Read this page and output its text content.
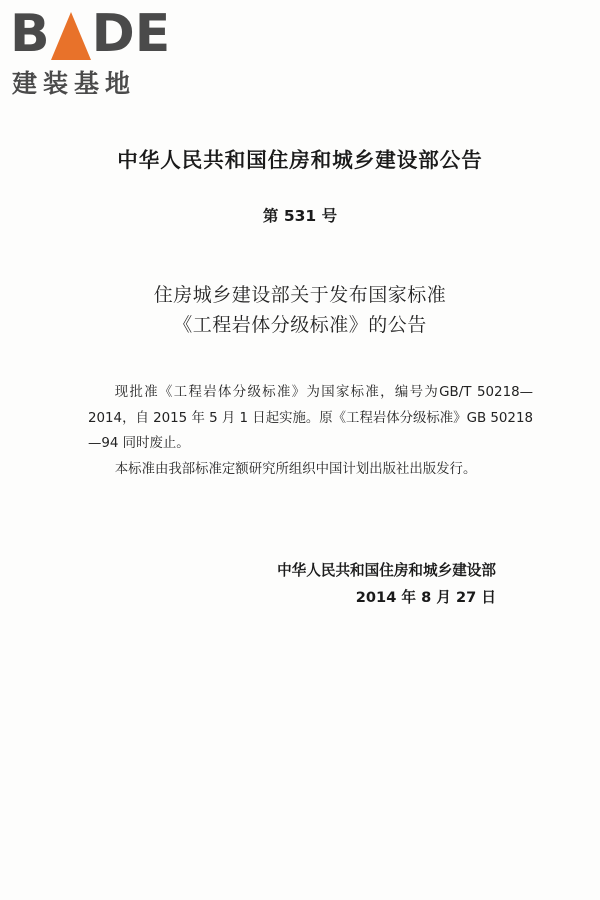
B DE
建装基地
中华人民共和国住房和城乡建设部公告
第 531 号
住房城乡建设部关于发布国家标准
《工程岩体分级标准》的公告
现批准《工程岩体分级标准》为国家标准，编号为GB/T 50218—2014，自 2015 年 5 月 1 日起实施。原《工程岩体分级标准》GB 50218—94 同时废止。
本标准由我部标准定额研究所组织中国计划出版社出版发行。
中华人民共和国住房和城乡建设部
2014 年 8 月 27 日
